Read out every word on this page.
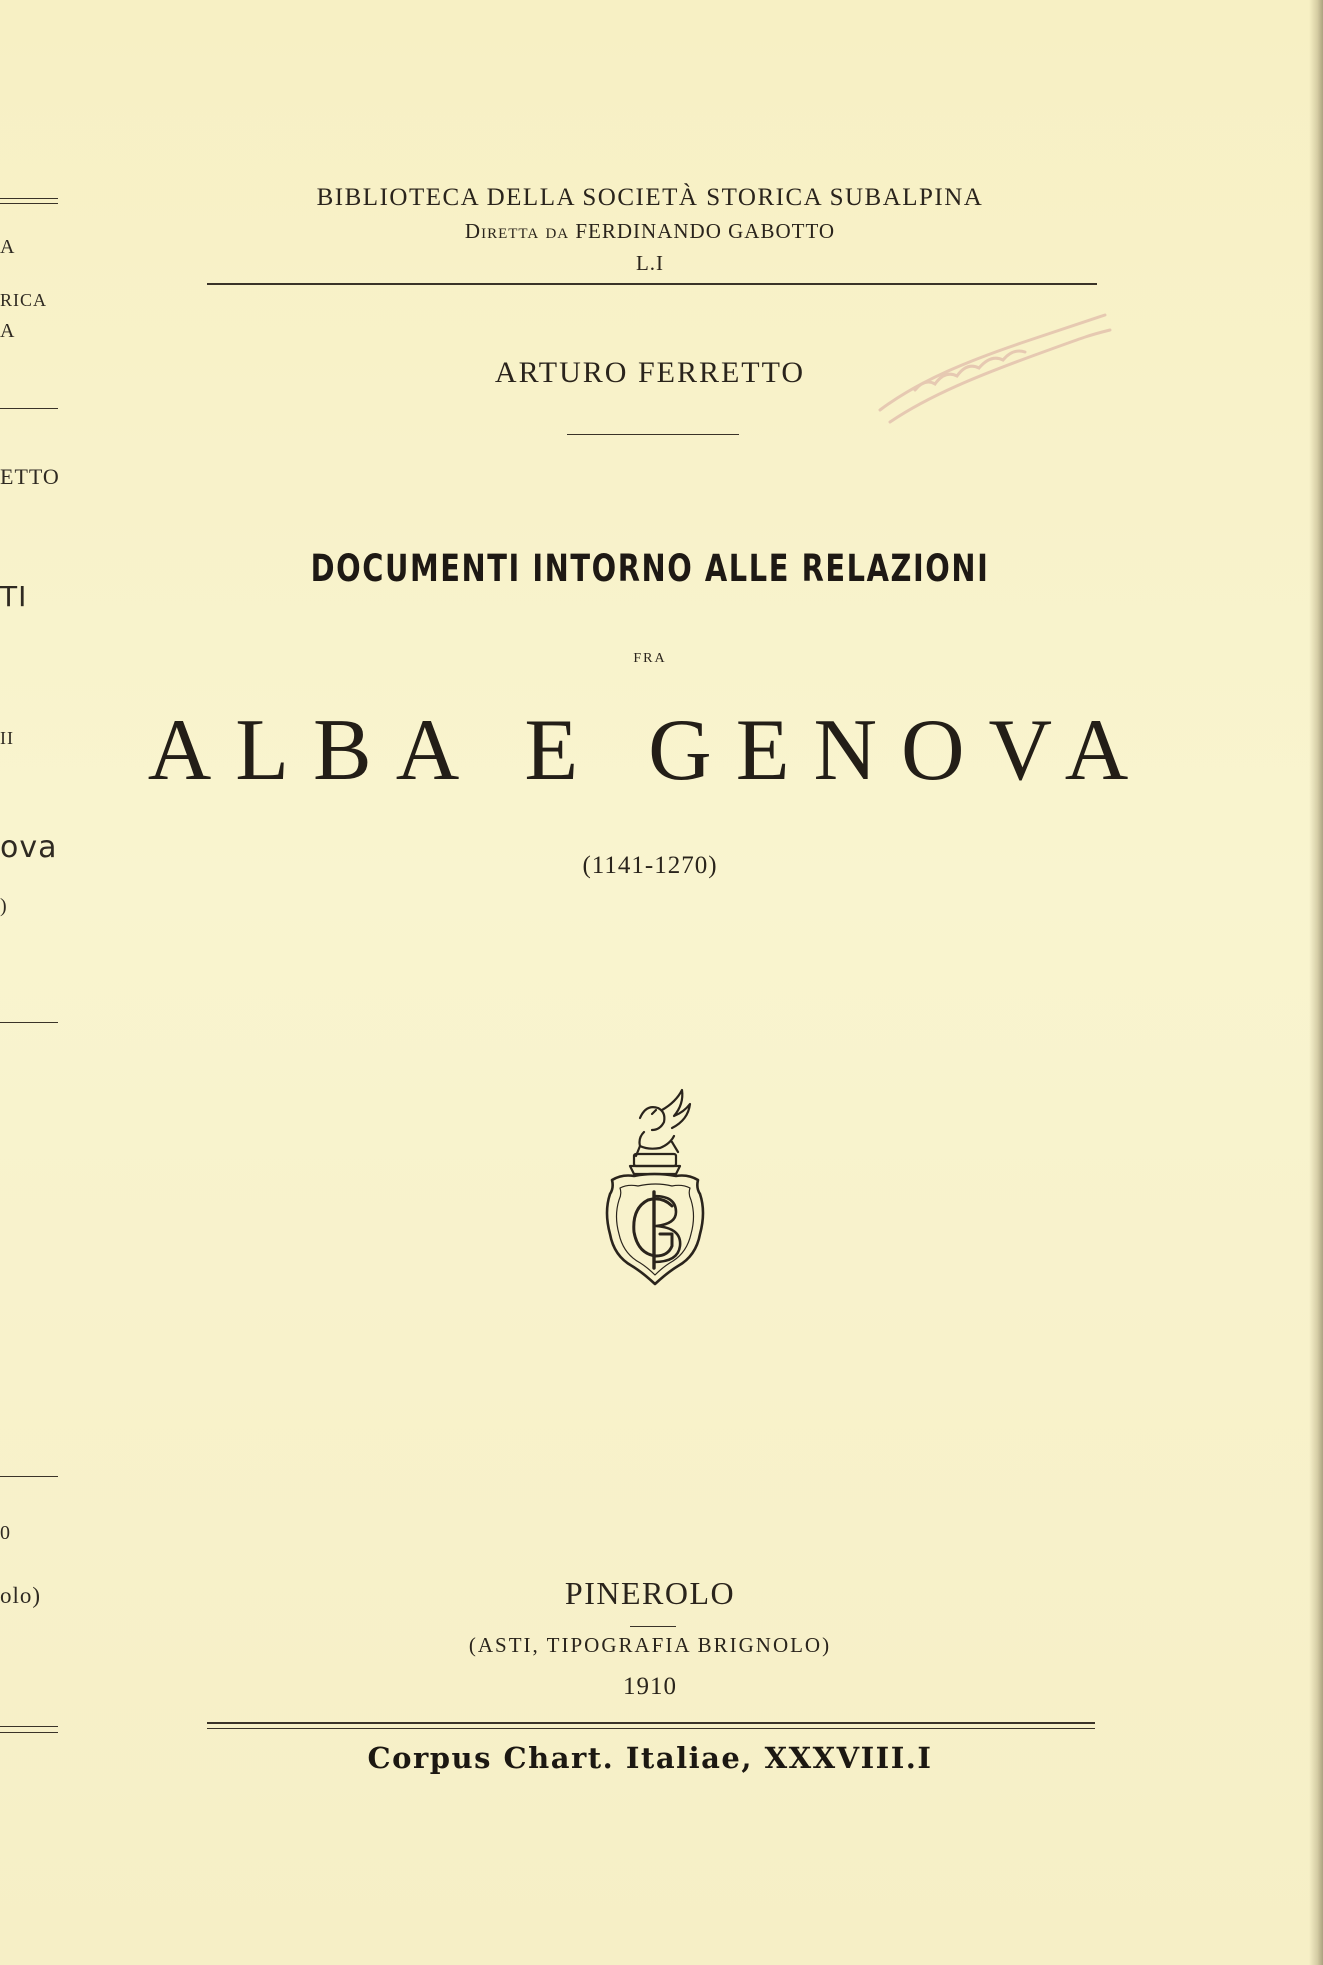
A
RICA
A
ETTO
TI
II
ova
)
0
olo)
BIBLIOTECA DELLA SOCIETÀ STORICA SUBALPINA
Diretta da FERDINANDO GABOTTO
L.I
ARTURO FERRETTO
DOCUMENTI INTORNO ALLE RELAZIONI
FRA
ALBA E GENOVA
(1141-1270)
PINEROLO
(ASTI, TIPOGRAFIA BRIGNOLO)
1910
Corpus Chart. Italiae, XXXVIII.I
